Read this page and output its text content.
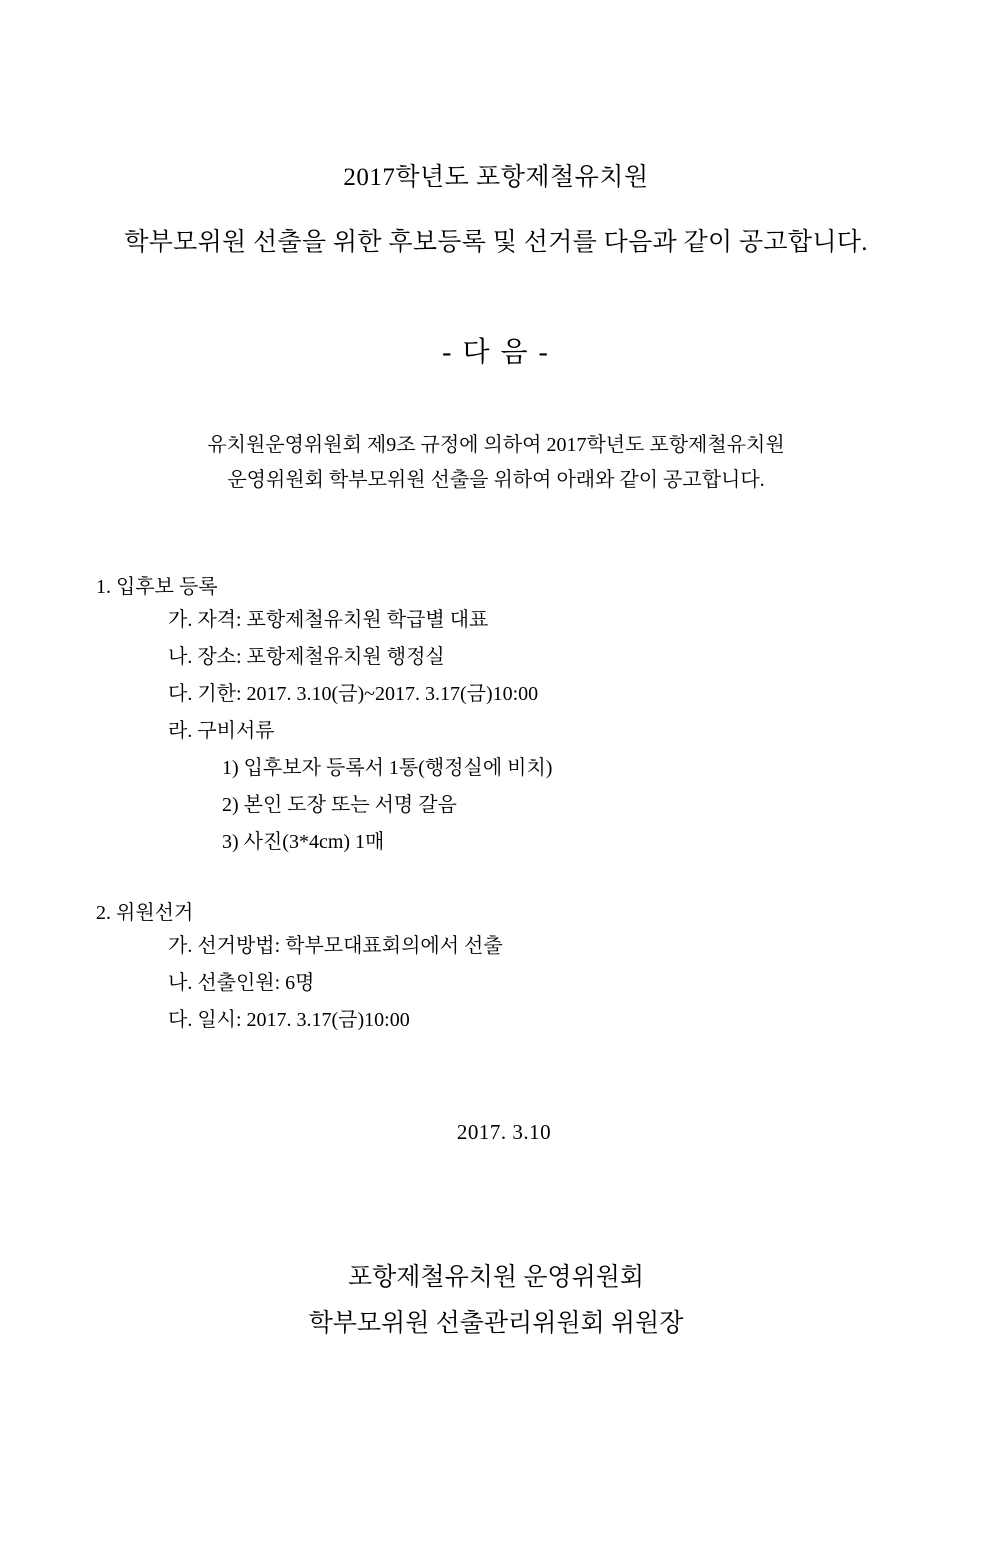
2017학년도 포항제철유치원
학부모위원 선출을 위한 후보등록 및 선거를 다음과 같이 공고합니다.
- 다 음 -
유치원운영위원회 제9조 규정에 의하여 2017학년도 포항제철유치원
운영위원회 학부모위원 선출을 위하여 아래와 같이 공고합니다.
1. 입후보 등록
가. 자격: 포항제철유치원 학급별 대표
나. 장소: 포항제철유치원 행정실
다. 기한: 2017. 3.10(금)~2017. 3.17(금)10:00
라. 구비서류
1) 입후보자 등록서 1통(행정실에 비치)
2) 본인 도장 또는 서명 갈음
3) 사진(3*4cm) 1매
2. 위원선거
가. 선거방법: 학부모대표회의에서 선출
나. 선출인원: 6명
다. 일시: 2017. 3.17(금)10:00
2017. 3.10
포항제철유치원 운영위원회
학부모위원 선출관리위원회 위원장
